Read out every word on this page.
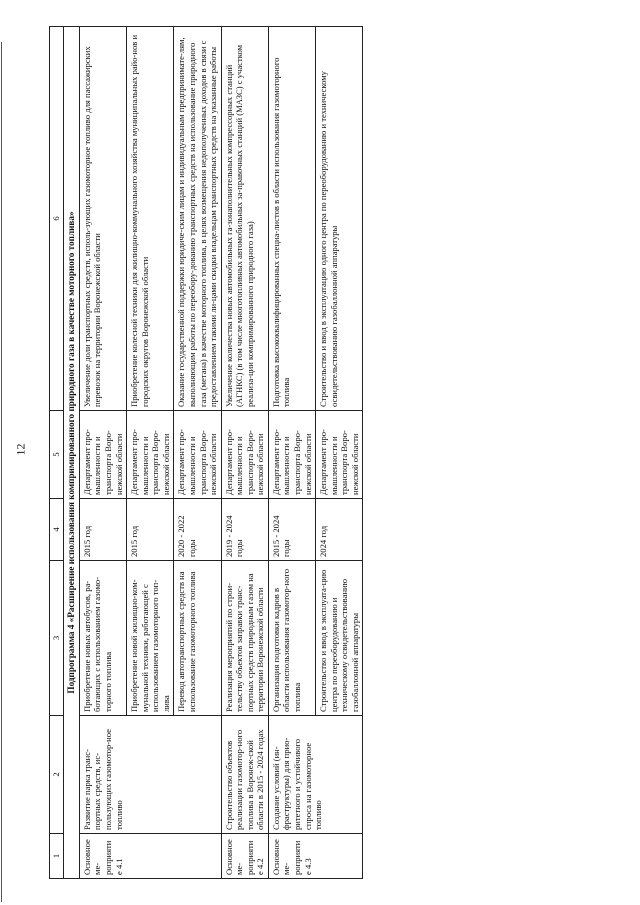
12
1	2	3	4	5	6
Подпрограмма 4 «Расширение использования компримированного природного газа в качестве моторного топлива»					
Основное ме-роприятие 4.1	Развитие парка транс-портных средств, ис-пользующих газомотор-ное топливо	Приобретение новых автобусов, ра-ботающих с использованием газомо-торного топлива	2015 год	Департамент про-мышленности и транспорта Воро-нежской области	Увеличение доли транспортных средств, исполь-зующих газомоторное топливо для пассажирских перевозок на территории Воронежской области
		Приобретение новой жилищно-ком-мунальной техники, работающей с использованием газомоторного топ-лива	2015 год	Департамент про-мышленности и транспорта Воро-нежской области	Приобретение колесной техники для жилищно-коммунального хозяйства муниципальных райо-нов и городских округов Воронежской области
		Перевод автотранспортных средств на использование газомоторного топлива	2020 - 2022 годы	Департамент про-мышленности и транспорта Воро-нежской области	Оказание государственной поддержки юридиче-ским лицам и индивидуальным предпринимате-лям, выполняющим работы по переобору-дованию транспортных средств на использование природного газа (метана) в качестве моторного топлива, в целях возмещения недополученных доходов в связи с предоставлением такими ли-цами скидки владельцам транспортных средств на указанные работы
Основное ме-роприятие 4.2	Строительство объектов реализации газомотор-ного топлива в Воронеж-ской области в 2015 - 2024 годах	Реализация мероприятий по строи-тельству объектов заправки транс-портных средств природным газом на территории Воронежской области	2019 - 2024 годы	Департамент про-мышленности и транспорта Воро-нежской области	Увеличение количества новых автомобильных га-зонаполнительных компрессорных станций (АГНКС) (в том числе многотопливных автомобильных за-правочных станций (МАЗС) с участком реализа-ции компримированного природного газа)
Основное ме-роприятие 4.3	Создание условий (ин-фраструктуры) для прио-ритетного и устойчивого спроса на газомоторное топливо	Организация подготовки кадров в области использования газомотор-ного топлива	2015 - 2024 годы	Департамент про-мышленности и транспорта Воро-нежской области	Подготовка высококвалифицированных специа-листов в области использования газомоторного топлива
		Строительство и ввод в эксплуата-цию центра по переоборудованию и техническому освидетельствованию газобаллонной аппаратуры	2024 год	Департамент про-мышленности и транспорта Воро-нежской области	Строительство и ввод в эксплуатацию одного центра по переоборудованию и техническому освидетельствованию газобаллонной аппаратуры
